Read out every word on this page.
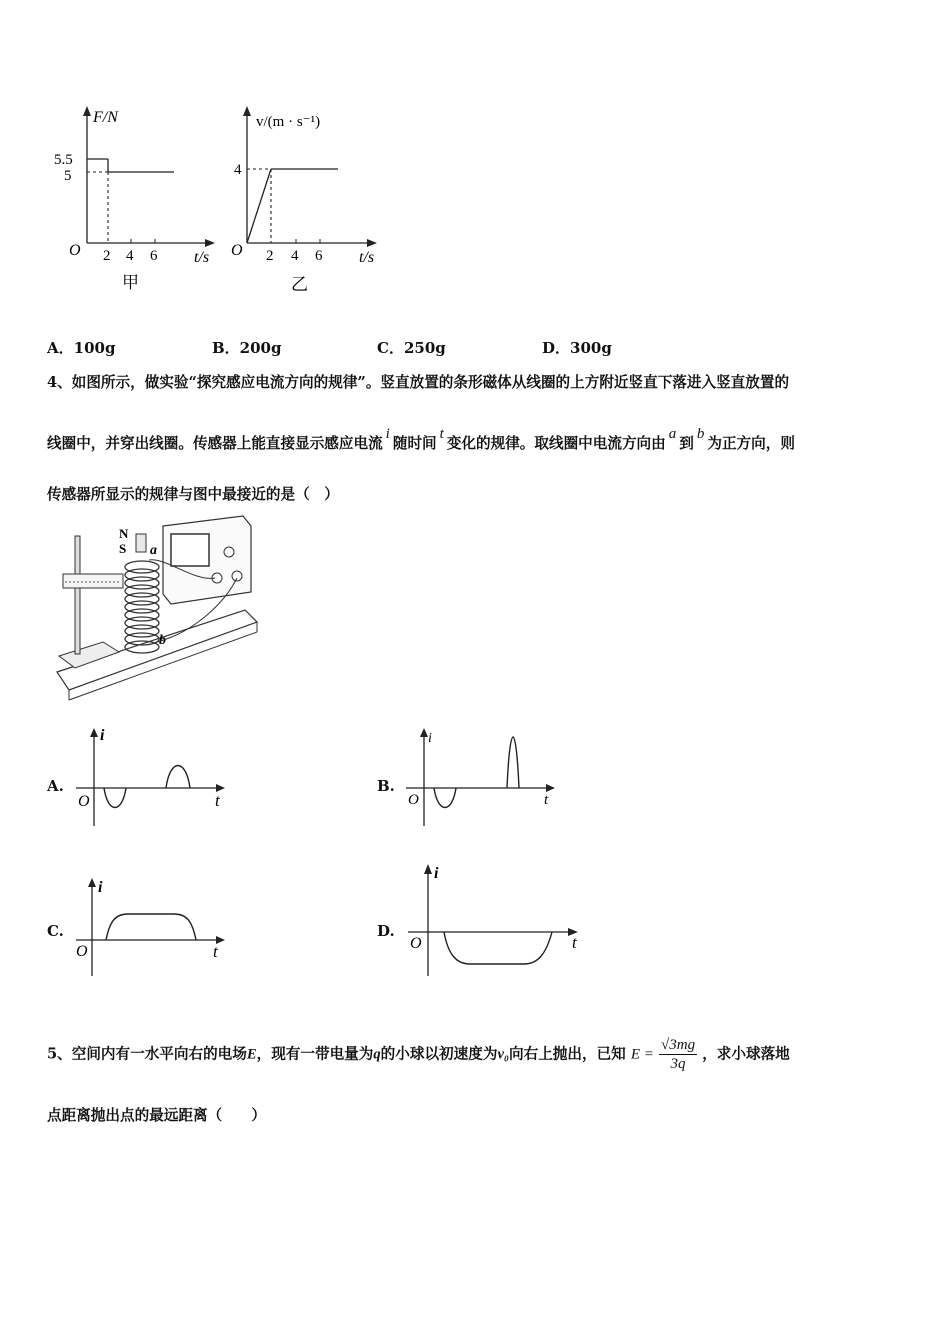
F/N
5.5
5
O 2 4 6 t/s
甲
v/(m · s⁻¹)
4
O 2 4 6 t/s
乙
A．100g	B．200g	C．250g	D．300g
4、如图所示，做实验“探究感应电流方向的规律”。竖直放置的条形磁体从线圈的上方附近竖直下落进入竖直放置的
线圈中，并穿出线圈。传感器上能直接显示感应电流i随时间t变化的规律。取线圈中电流方向由a到b为正方向，则
传感器所显示的规律与图中最接近的是（　）
N
S a
b
A.
i
t
O
B.
i
t
O
C.
i
t
O
D.
i
t
O
5、空间内有一水平向右的电场E，现有一带电量为q的小球以初速度为v₀向右上抛出，已知 $E = \frac{√3mg}{3q}$ ，求小球落地
点距离抛出点的最远距离（　　）
